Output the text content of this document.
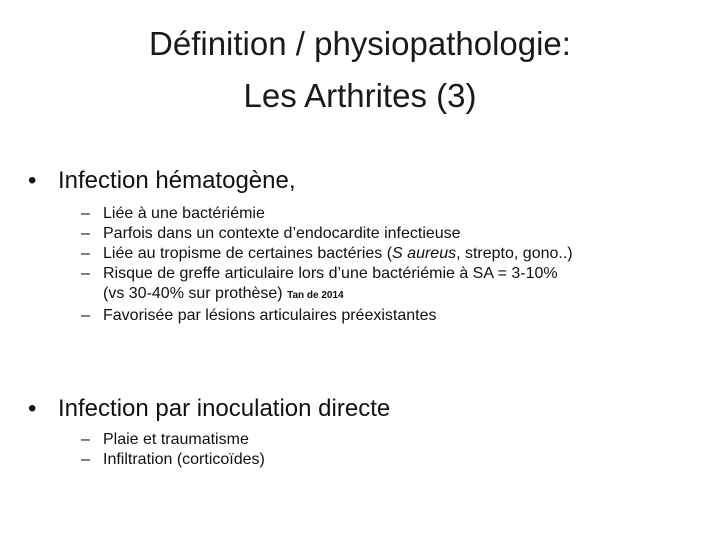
Définition / physiopathologie:
Les Arthrites (3)
• Infection hématogène,
– Liée à une bactériémie
– Parfois dans un contexte d’endocardite infectieuse
– Liée au tropisme de certaines bactéries (S aureus, strepto, gono..)
– Risque de greffe articulaire lors d’une bactériémie à SA = 3-10%
(vs 30-40% sur prothèse) Tan de 2014
– Favorisée par lésions articulaires préexistantes
• Infection par inoculation directe
– Plaie et traumatisme
– Infiltration (corticoïdes)
